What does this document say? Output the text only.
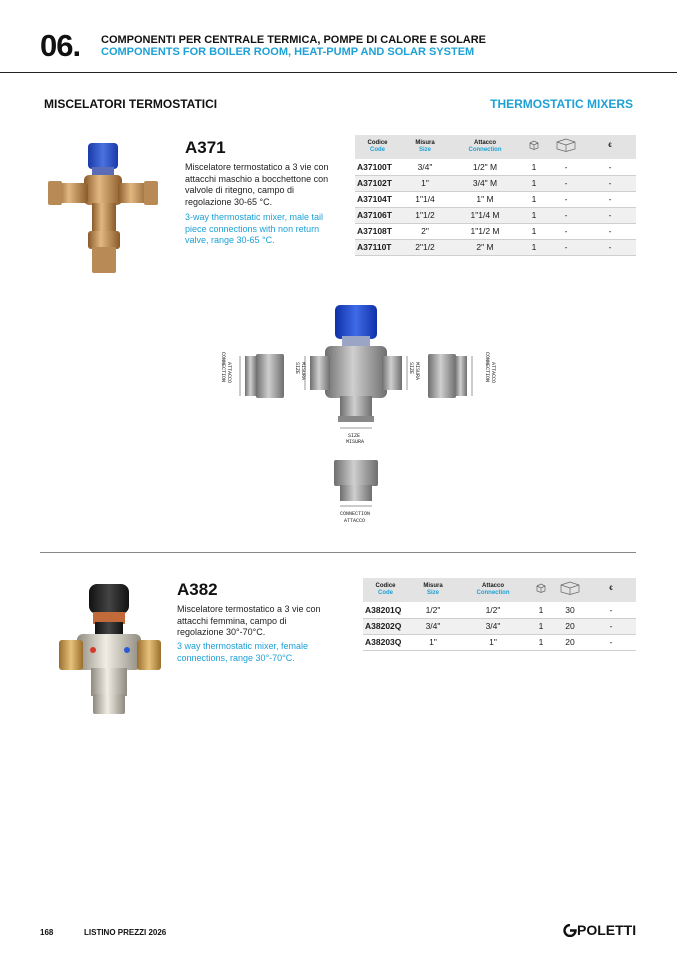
06. COMPONENTI PER CENTRALE TERMICA, POMPE DI CALORE E SOLARE
COMPONENTS FOR BOILER ROOM, HEAT-PUMP AND SOLAR SYSTEM
MISCELATORI TERMOSTATICI	THERMOSTATIC MIXERS
A371
Miscelatore termostatico a 3 vie con attacchi maschio a bocchettone con valvole di ritegno, campo di regolazione 30-65 °C.
3-way thermostatic mixer, male tail piece connections with non return valve, range 30-65 °C.
Codice
Code	Misura
Size	Attacco
Connection			€
A37100T	3/4"	1/2" M	1	-	-
A37102T	1"	3/4" M	1	-	-
A37104T	1"1/4	1" M	1	-	-
A37106T	1"1/2	1"1/4 M	1	-	-
A37108T	2"	1"1/2 M	1	-	-
A37110T	2"1/2	2" M	1	-	-
CONNECTION ATTACCO	SIZE MISURA	SIZE MISURA
SIZE
MISURA
CONNECTION ATTACCO
CONNECTION
ATTACCO
A382
Miscelatore termostatico a 3 vie con attacchi femmina, campo di regolazione 30°-70°C.
3 way thermostatic mixer, female connections, range 30°-70°C.
Codice
Code	Misura
Size	Attacco
Connection			€
A38201Q	1/2"	1/2"	1	30	-
A38202Q	3/4"	3/4"	1	20	-
A38203Q	1"	1"	1	20	-
168	LISTINO PREZZI 2026	POLETTI
